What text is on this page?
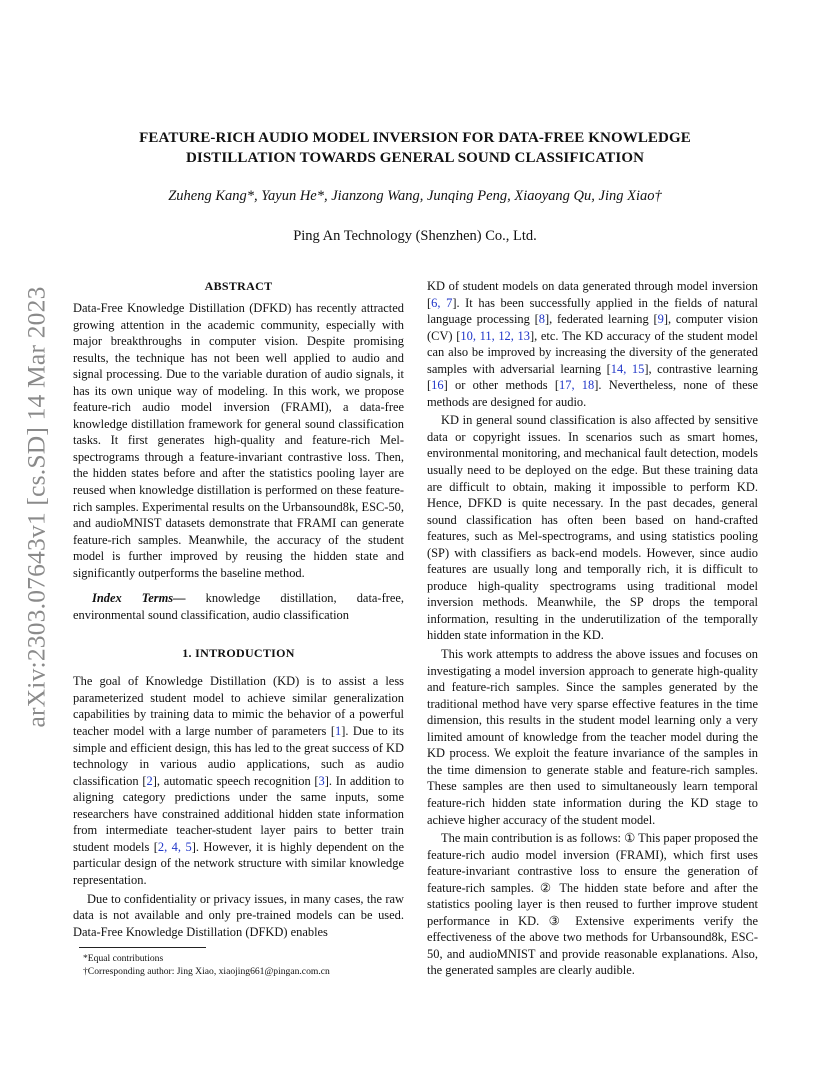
arXiv:2303.07643v1 [cs.SD] 14 Mar 2023
FEATURE-RICH AUDIO MODEL INVERSION FOR DATA-FREE KNOWLEDGE
DISTILLATION TOWARDS GENERAL SOUND CLASSIFICATION
Zuheng Kang*, Yayun He*, Jianzong Wang, Junqing Peng, Xiaoyang Qu, Jing Xiao†
Ping An Technology (Shenzhen) Co., Ltd.
ABSTRACT

Data-Free Knowledge Distillation (DFKD) has recently attracted growing attention in the academic community, especially with major breakthroughs in computer vision. Despite promising results, the technique has not been well applied to audio and signal processing. Due to the variable duration of audio signals, it has its own unique way of modeling. In this work, we propose feature-rich audio model inversion (FRAMI), a data-free knowledge distillation framework for general sound classification tasks. It first generates high-quality and feature-rich Mel-spectrograms through a feature-invariant contrastive loss. Then, the hidden states before and after the statistics pooling layer are reused when knowledge distillation is performed on these feature-rich samples. Experimental results on the Urbansound8k, ESC-50, and audioMNIST datasets demonstrate that FRAMI can generate feature-rich samples. Meanwhile, the accuracy of the student model is further improved by reusing the hidden state and significantly outperforms the baseline method.

Index Terms— knowledge distillation, data-free, environmental sound classification, audio classification

1. INTRODUCTION

The goal of Knowledge Distillation (KD) is to assist a less parameterized student model to achieve similar generalization capabilities by training data to mimic the behavior of a powerful teacher model with a large number of parameters [1]. Due to its simple and efficient design, this has led to the great success of KD technology in various audio applications, such as audio classification [2], automatic speech recognition [3]. In addition to aligning category predictions under the same inputs, some researchers have constrained additional hidden state information from intermediate teacher-student layer pairs to better train student models [2, 4, 5]. However, it is highly dependent on the particular design of the network structure with similar knowledge representation.

Due to confidentiality or privacy issues, in many cases, the raw data is not available and only pre-trained models can be used. Data-Free Knowledge Distillation (DFKD) enables

*Equal contributions
†Corresponding author: Jing Xiao, xiaojing661@pingan.com.cn

KD of student models on data generated through model inversion [6, 7]. It has been successfully applied in the fields of natural language processing [8], federated learning [9], computer vision (CV) [10, 11, 12, 13], etc. The KD accuracy of the student model can also be improved by increasing the diversity of the generated samples with adversarial learning [14, 15], contrastive learning [16] or other methods [17, 18]. Nevertheless, none of these methods are designed for audio.

KD in general sound classification is also affected by sensitive data or copyright issues. In scenarios such as smart homes, environmental monitoring, and mechanical fault detection, models usually need to be deployed on the edge. But these training data are difficult to obtain, making it impossible to perform KD. Hence, DFKD is quite necessary. In the past decades, general sound classification has often been based on hand-crafted features, such as Mel-spectrograms, and using statistics pooling (SP) with classifiers as back-end models. However, since audio features are usually long and temporally rich, it is difficult to produce high-quality spectrograms using traditional model inversion methods. Meanwhile, the SP drops the temporal information, resulting in the underutilization of the temporally hidden state information in the KD.

This work attempts to address the above issues and focuses on investigating a model inversion approach to generate high-quality and feature-rich samples. Since the samples generated by the traditional method have very sparse effective features in the time dimension, this results in the student model learning only a very limited amount of knowledge from the teacher model during the KD process. We exploit the feature invariance of the samples in the time dimension to generate stable and feature-rich samples. These samples are then used to simultaneously learn temporal feature-rich hidden state information during the KD stage to achieve higher accuracy of the student model.

The main contribution is as follows: ① This paper proposed the feature-rich audio model inversion (FRAMI), which first uses feature-invariant contrastive loss to ensure the generation of feature-rich samples. ② The hidden state before and after the statistics pooling layer is then reused to further improve student performance in KD. ③ Extensive experiments verify the effectiveness of the above two methods for Urbansound8k, ESC-50, and audioMNIST and provide reasonable explanations. Also, the generated samples are clearly audible.
